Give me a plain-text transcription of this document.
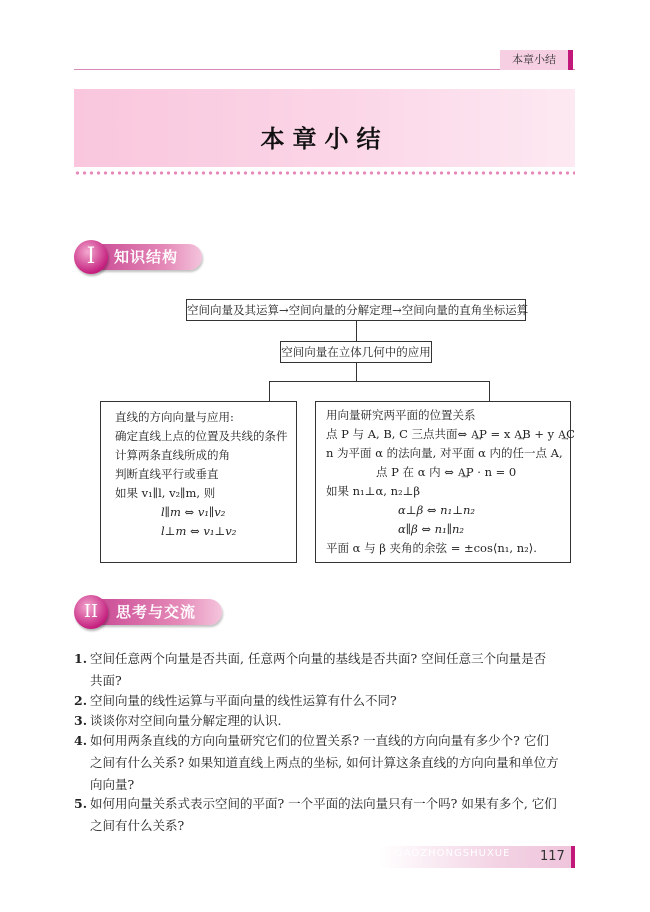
本章小结
本章小结
I	知识结构
空间向量及其运算→空间向量的分解定理→空间向量的直角坐标运算
空间向量在立体几何中的应用
直线的方向向量与应用:
确定直线上点的位置及共线的条件
计算两条直线所成的角
判断直线平行或垂直
如果 v₁∥l, v₂∥m, 则
l∥m ⇔ v₁∥v₂
l⊥m ⇔ v₁⊥v₂
用向量研究两平面的位置关系
点 P 与 A, B, C 三点共面⇔ A͢P = x A͢B + y A͢C
n 为平面 α 的法向量, 对平面 α 内的任一点 A,
点 P 在 α 内 ⇔ A͢P · n = 0
如果 n₁⊥α, n₂⊥β
α⊥β ⇔ n₁⊥n₂
α∥β ⇔ n₁∥n₂
平面 α 与 β 夹角的余弦 = ±cos⟨n₁, n₂⟩.
II	思考与交流
1. 空间任意两个向量是否共面, 任意两个向量的基线是否共面? 空间任意三个向量是否
共面?
2. 空间向量的线性运算与平面向量的线性运算有什么不同?
3. 谈谈你对空间向量分解定理的认识.
4. 如何用两条直线的方向向量研究它们的位置关系? 一直线的方向向量有多少个? 它们
之间有什么关系? 如果知道直线上两点的坐标, 如何计算这条直线的方向向量和单位方
向向量?
5. 如何用向量关系式表示空间的平面? 一个平面的法向量只有一个吗? 如果有多个, 它们
之间有什么关系?
GAOZHONGSHUXUE 117
